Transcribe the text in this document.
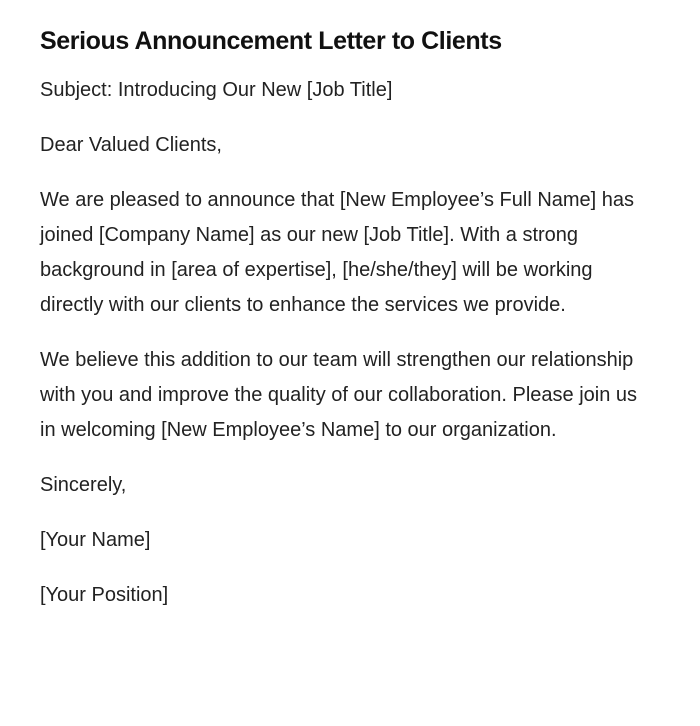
Serious Announcement Letter to Clients
Subject: Introducing Our New [Job Title]
Dear Valued Clients,
We are pleased to announce that [New Employee’s Full Name] has joined [Company Name] as our new [Job Title]. With a strong background in [area of expertise], [he/she/they] will be working directly with our clients to enhance the services we provide.
We believe this addition to our team will strengthen our relationship with you and improve the quality of our collaboration. Please join us in welcoming [New Employee’s Name] to our organization.
Sincerely,
[Your Name]
[Your Position]
